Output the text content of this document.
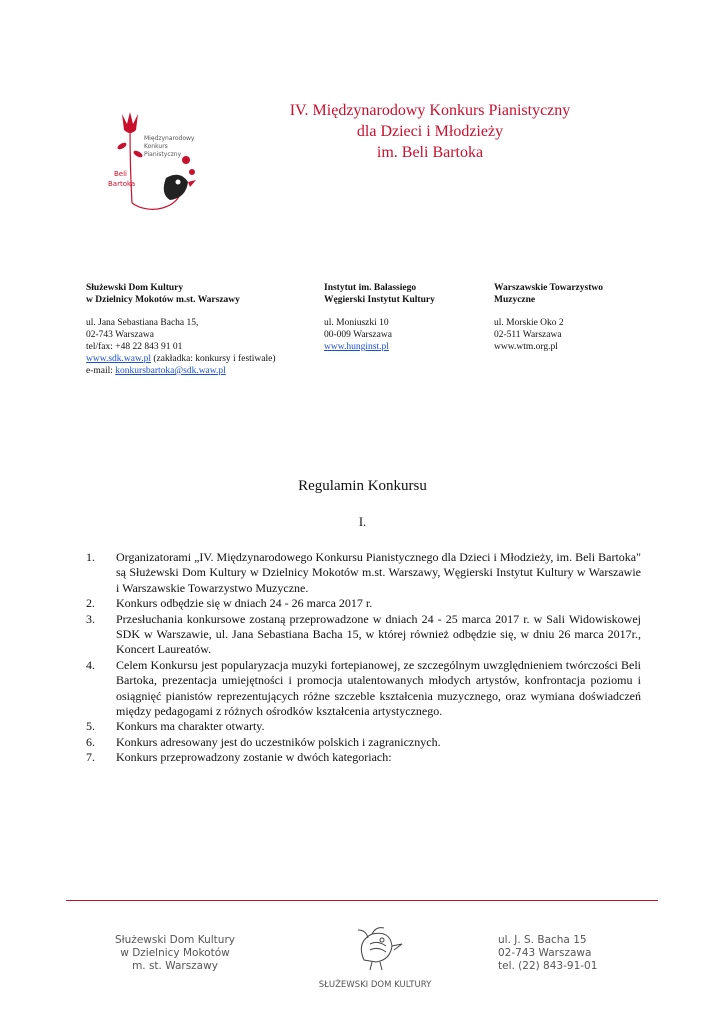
Międzynarodowy
Konkurs
Pianistyczny
Beli
Bartoka
IV. Międzynarodowy Konkurs Pianistyczny
dla Dzieci i Młodzieży
im. Beli Bartoka
Służewski Dom Kultury
w Dzielnicy Mokotów m.st. Warszawy
ul. Jana Sebastiana Bacha 15,
02-743 Warszawa
tel/fax: +48 22 843 91 01
www.sdk.waw.pl (zakładka: konkursy i festiwale)
e-mail: konkursbartoka@sdk.waw.pl
Instytut im. Balassiego
Węgierski Instytut Kultury
ul. Moniuszki 10
00-009 Warszawa
www.hunginst.pl
Warszawskie Towarzystwo
Muzyczne
ul. Morskie Oko 2
02-511 Warszawa
www.wtm.org.pl
Regulamin Konkursu
I.
1.	Organizatorami „IV. Międzynarodowego Konkursu Pianistycznego dla Dzieci i Młodzieży, im. Beli Bartoka" są Służewski Dom Kultury w Dzielnicy Mokotów m.st. Warszawy, Węgierski Instytut Kultury w Warszawie i Warszawskie Towarzystwo Muzyczne.
2.	Konkurs odbędzie się w dniach 24 - 26 marca 2017 r.
3.	Przesłuchania konkursowe zostaną przeprowadzone w dniach 24 - 25 marca 2017 r. w Sali Widowiskowej SDK w Warszawie, ul. Jana Sebastiana Bacha 15, w której również odbędzie się, w dniu 26 marca 2017r., Koncert Laureatów.
4.	Celem Konkursu jest popularyzacja muzyki fortepianowej, ze szczególnym uwzględnieniem twórczości Beli Bartoka, prezentacja umiejętności i promocja utalentowanych młodych artystów, konfrontacja poziomu i osiągnięć pianistów reprezentujących różne szczeble kształcenia muzycznego, oraz wymiana doświadczeń między pedagogami z różnych ośrodków kształcenia artystycznego.
5.	Konkurs ma charakter otwarty.
6.	Konkurs adresowany jest do uczestników polskich i zagranicznych.
7.	Konkurs przeprowadzony zostanie w dwóch kategoriach:
Służewski Dom Kultury
w Dzielnicy Mokotów
m. st. Warszawy
SŁUŻEWSKI DOM KULTURY
ul. J. S. Bacha 15
02-743 Warszawa
tel. (22) 843-91-01
